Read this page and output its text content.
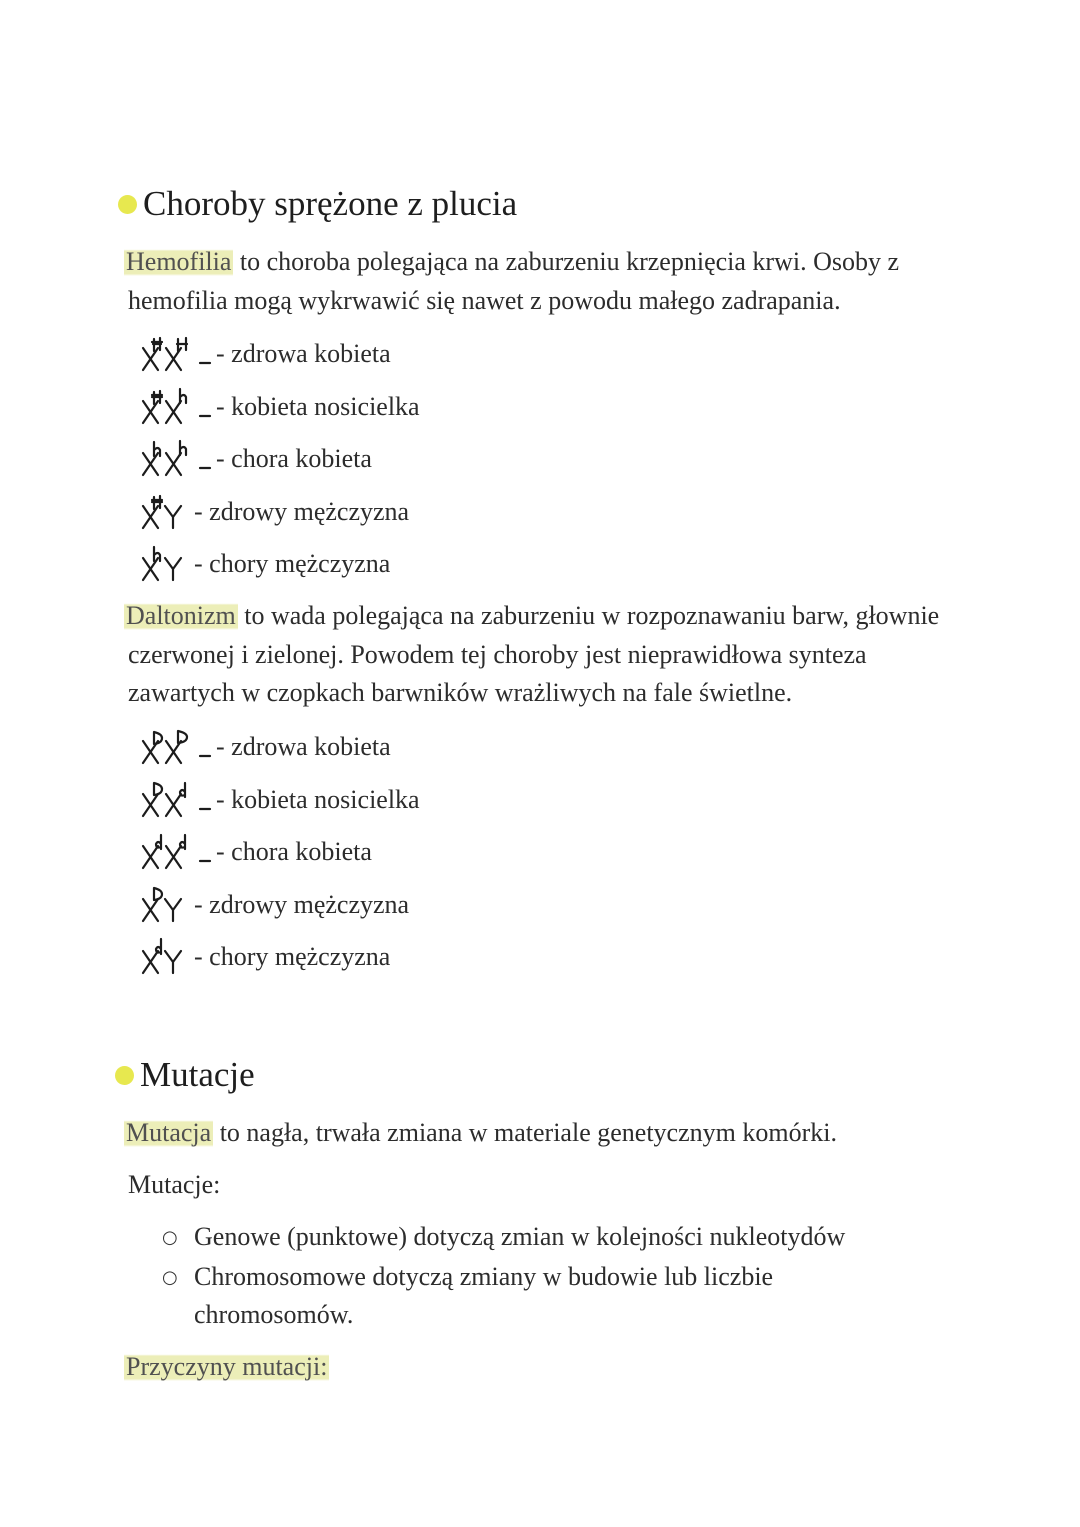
Choroby sprężone z plucia

Hemofilia to choroba polegająca na zaburzeniu krzepnięcia krwi. Osoby z hemofilia mogą wykrwawić się nawet z powodu małego zadrapania.

- zdrowa kobieta
- kobieta nosicielka
- chora kobieta
- zdrowy mężczyzna
- chory mężczyzna

Daltonizm to wada polegająca na zaburzeniu w rozpoznawaniu barw, głownie czerwonej i zielonej. Powodem tej choroby jest nieprawidłowa synteza zawartych w czopkach barwników wrażliwych na fale świetlne.

- zdrowa kobieta
- kobieta nosicielka
- chora kobieta
- zdrowy mężczyzna
- chory mężczyzna
Mutacje

Mutacja to nagła, trwała zmiana w materiale genetycznym komórki.

Mutacje:

○ Genowe (punktowe) dotyczą zmian w kolejności nukleotydów
○ Chromosomowe dotyczą zmiany w budowie lub liczbie chromosomów.

Przyczyny mutacji:
